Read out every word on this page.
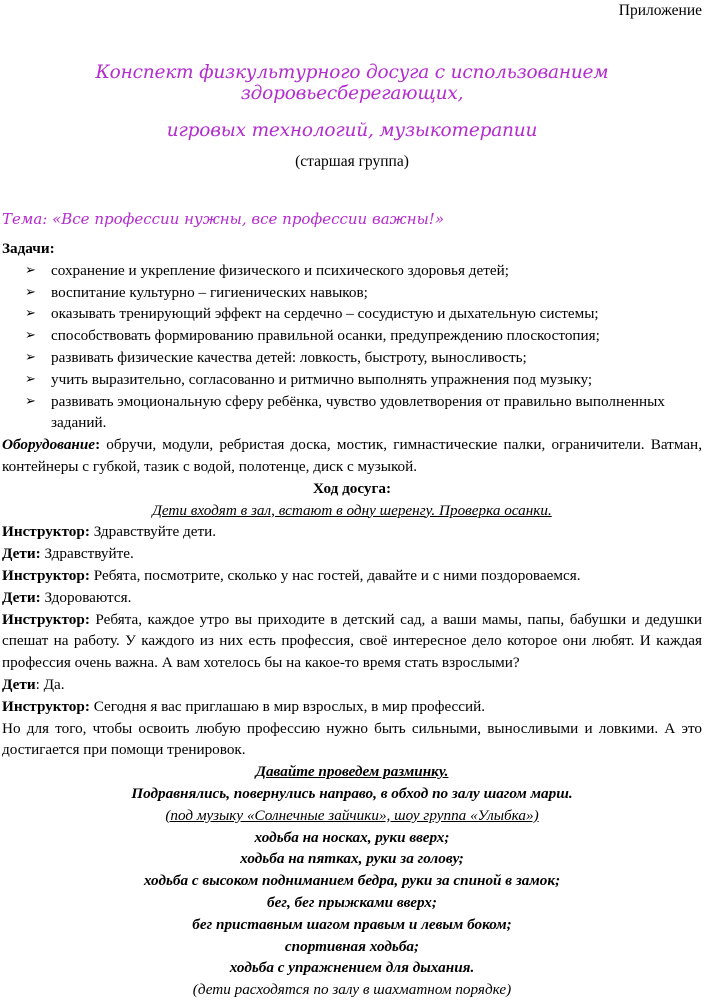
Приложение
Конспект физкультурного досуга с использованием здоровьесберегающих,
игровых технологий, музыкотерапии
(старшая группа)
Тема: «Все профессии нужны, все профессии важны!»

Задачи:

➢ сохранение и укрепление физического и психического здоровья детей;
➢ воспитание культурно – гигиенических навыков;
➢ оказывать тренирующий эффект на сердечно – сосудистую и дыхательную системы;
➢ способствовать формированию правильной осанки, предупреждению плоскостопия;
➢ развивать физические качества детей: ловкость, быстроту, выносливость;
➢ учить выразительно, согласованно и ритмично выполнять упражнения под музыку;
➢ развивать эмоциональную сферу ребёнка, чувство удовлетворения от правильно выполненных заданий.

Оборудование: обручи, модули, ребристая доска, мостик, гимнастические палки, ограничители. Ватман, контейнеры с губкой, тазик с водой, полотенце, диск с музыкой.

Ход досуга:

Дети входят в зал, встают в одну шеренгу. Проверка осанки.

Инструктор: Здравствуйте дети.

Дети: Здравствуйте.

Инструктор: Ребята, посмотрите, сколько у нас гостей, давайте и с ними поздороваемся.

Дети: Здороваются.

Инструктор: Ребята, каждое утро вы приходите в детский сад, а ваши мамы, папы, бабушки и дедушки спешат на работу. У каждого из них есть профессия, своё интересное дело которое они любят. И каждая профессия очень важна. А вам хотелось бы на какое-то время стать взрослыми?

Дети: Да.

Инструктор: Сегодня я вас приглашаю в мир взрослых, в мир профессий.

Но для того, чтобы освоить любую профессию нужно быть сильными, выносливыми и ловкими. А это достигается при помощи тренировок.

Давайте проведем разминку.

Подравнялись, повернулись направо, в обход по залу шагом марш.

(под музыку «Солнечные зайчики», шоу группа «Улыбка»)

ходьба на носках, руки вверх;

ходьба на пятках, руки за голову;

ходьба с высоком подниманием бедра, руки за спиной в замок;

бег, бег прыжками вверх;

бег приставным шагом правым и левым боком;

спортивная ходьба;

ходьба с упражнением для дыхания.

(дети расходятся по залу в шахматном порядке)
